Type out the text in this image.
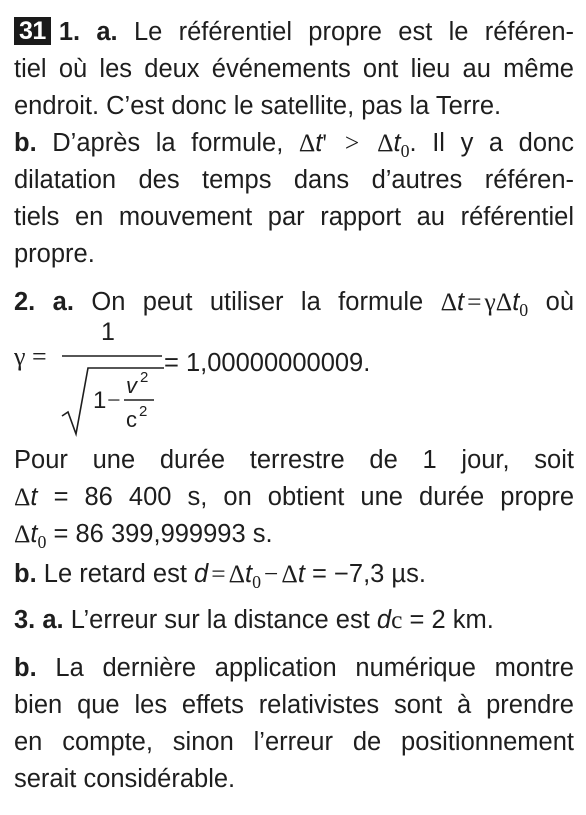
31 1. a. Le référentiel propre est le référen-
tiel où les deux événements ont lieu au même
endroit. C’est donc le satellite, pas la Terre.
b. D’après la formule, $\Delta t' > \Delta t_0$. Il y a donc
dilatation des temps dans d’autres référen-
tiels en mouvement par rapport au référentiel
propre.
2. a. On peut utiliser la formule Δt = γΔt$_0$ où
γ =
1
1 −
v 2
c 2
= 1,00000000009.
Pour une durée terrestre de 1 jour, soit
Δt = 86 400 s, on obtient une durée propre
$\Delta t_0 = 86$ 399,999993 s.
b. Le retard est $d = \Delta t_0 - \Delta t = -7,3$ µs.
3. a. L’erreur sur la distance est dc = 2 km.
b. La dernière application numérique montre
bien que les effets relativistes sont à prendre
en compte, sinon l’erreur de positionnement
serait considérable.
